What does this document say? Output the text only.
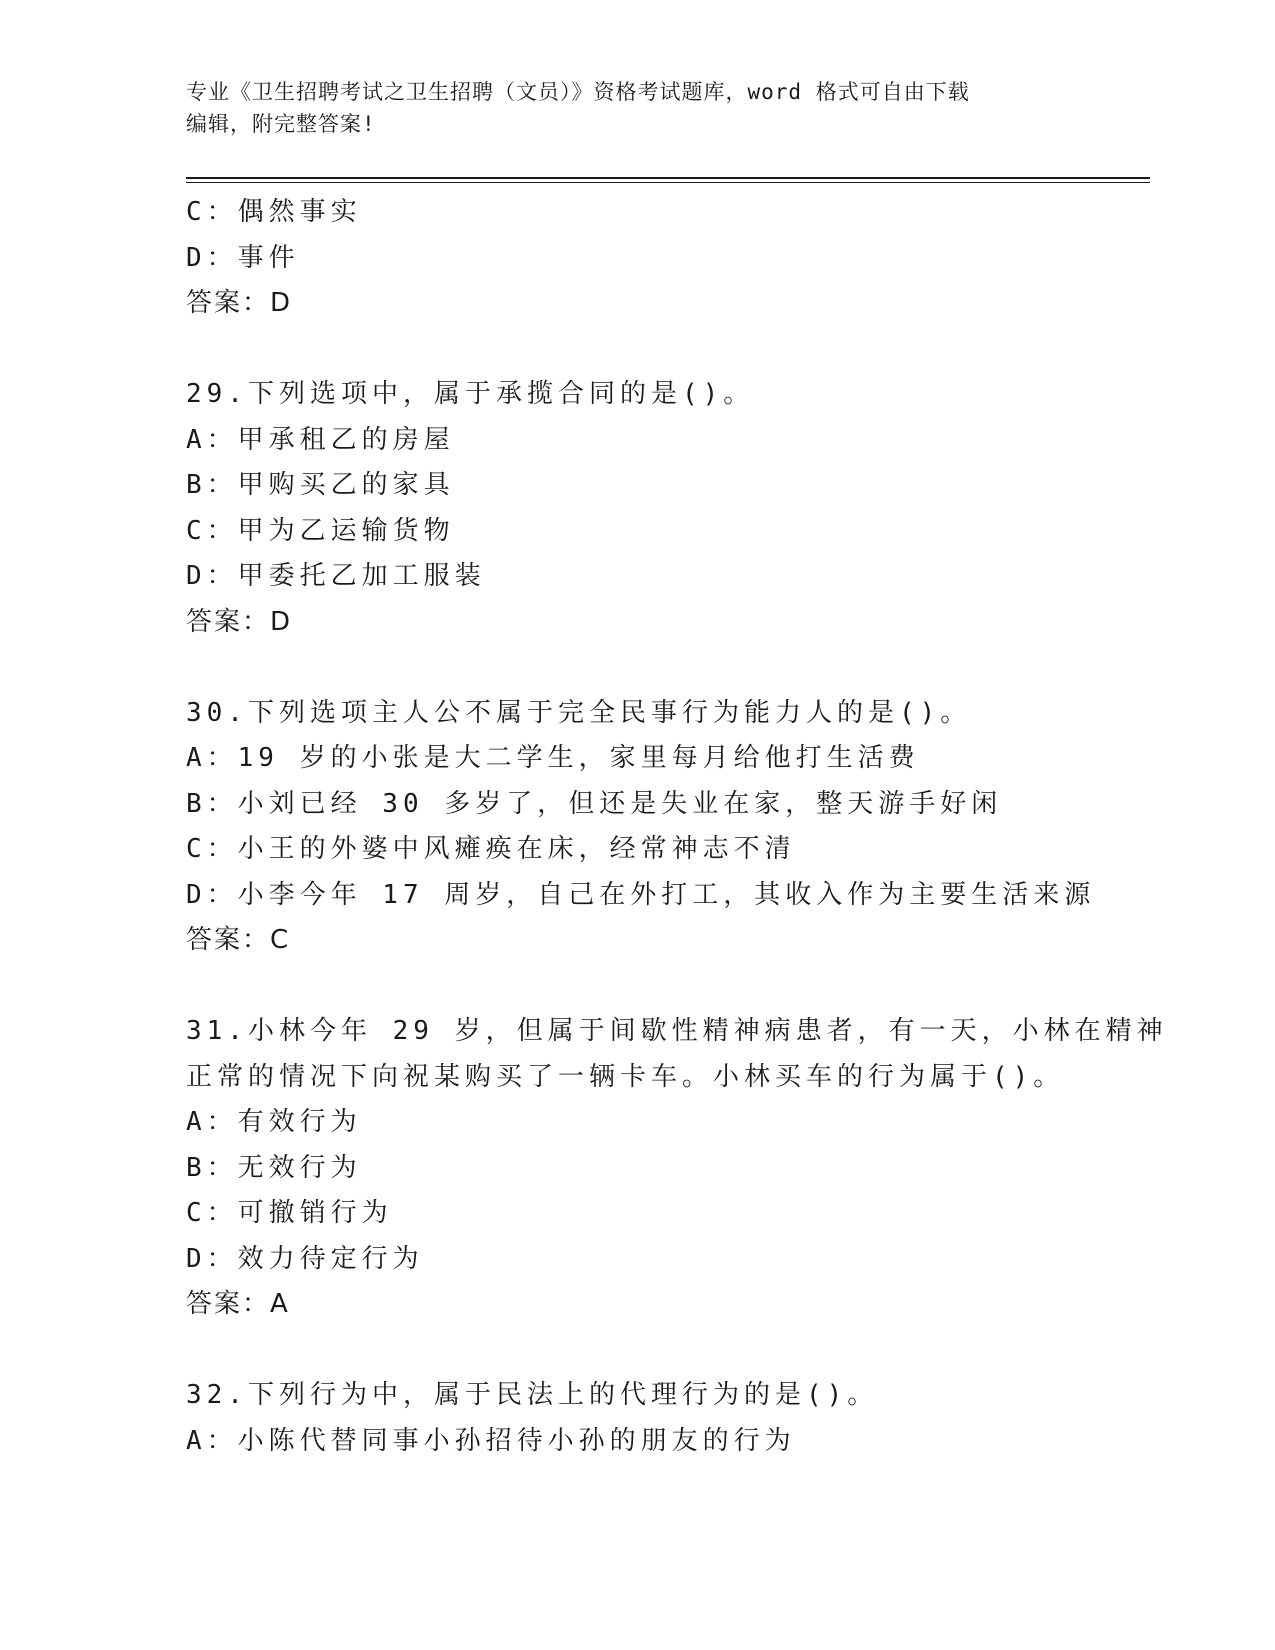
专业《卫生招聘考试之卫生招聘（文员）》资格考试题库，word 格式可自由下载
编辑，附完整答案!
C：偶然事实
D：事件
答案：D
29.下列选项中，属于承揽合同的是()。
A：甲承租乙的房屋
B：甲购买乙的家具
C：甲为乙运输货物
D：甲委托乙加工服装
答案：D
30.下列选项主人公不属于完全民事行为能力人的是()。
A：19 岁的小张是大二学生，家里每月给他打生活费
B：小刘已经 30 多岁了，但还是失业在家，整天游手好闲
C：小王的外婆中风瘫痪在床，经常神志不清
D：小李今年 17 周岁，自己在外打工，其收入作为主要生活来源
答案：C
31.小林今年 29 岁，但属于间歇性精神病患者，有一天，小林在精神
正常的情况下向祝某购买了一辆卡车。小林买车的行为属于()。
A：有效行为
B：无效行为
C：可撤销行为
D：效力待定行为
答案：A
32.下列行为中，属于民法上的代理行为的是()。
A：小陈代替同事小孙招待小孙的朋友的行为
